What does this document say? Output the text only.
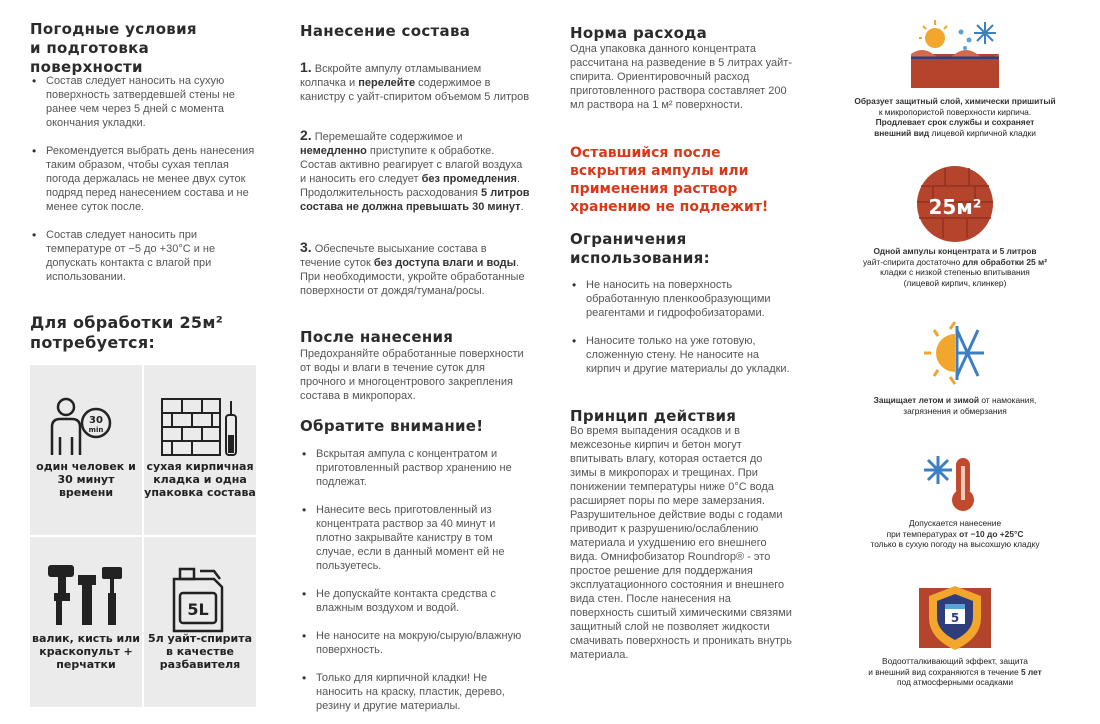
Погодные условия
и подготовка поверхности
• Состав следует наносить на сухую поверхность затвердевшей стены не ранее чем через 5 дней с момента окончания укладки.
• Рекомендуется выбрать день нанесения таким образом, чтобы сухая теплая погода держалась не менее двух суток подряд перед нанесением состава и не менее суток после.
• Состав следует наносить при температуре от −5 до +30°С и не допускать контакта с влагой при использовании.
Для обработки 25м²
потребуется:
30
min
один человек и 30 минут времени
сухая кирпичная кладка и одна упаковка состава
валик, кисть или краскопульт + перчатки
5L
5л уайт-спирита в качестве разбавителя
Нанесение состава

1. Вскройте ампулу отламыванием колпачка и перелейте содержимое в канистру с уайт-спиритом объемом 5 литров

2. Перемешайте содержимое и немедленно приступите к обработке. Состав активно реагирует с влагой воздуха и наносить его следует без промедления. Продолжительность расходования 5 литров состава не должна превышать 30 минут.

3. Обеспечьте высыхание состава в течение суток без доступа влаги и воды. При необходимости, укройте обработанные поверхности от дождя/тумана/росы.

После нанесения

Предохраняйте обработанные поверхности от воды и влаги в течение суток для прочного и многоцентрового закрепления состава в микропорах.

Обратите внимание!
• Вскрытая ампула с концентратом и приготовленный раствор хранению не подлежат.
• Нанесите весь приготовленный из концентрата раствор за 40 минут и плотно закрывайте канистру в том случае, если в данный момент ей не пользуетесь.
• Не допускайте контакта средства с влажным воздухом и водой.
• Не наносите на мокрую/сырую/влажную поверхность.
• Только для кирпичной кладки! Не наносить на краску, пластик, дерево, резину и другие материалы.
Норма расхода

Одна упаковка данного концентрата рассчитана на разведение в 5 литрах уайт-спирита. Ориентировочный расход приготовленного раствора составляет 200 мл раствора на 1 м² поверхности.

Оставшийся после вскрытия ампулы или применения раствор хранению не подлежит!
Ограничения
использования:
• Не наносить на поверхность обработанную пленкообразующими реагентами и гидрофобизаторами.
• Наносите только на уже готовую, сложенную стену. Не наносите на кирпич и другие материалы до укладки.
Принцип действия

Во время выпадения осадков и в межсезонье кирпич и бетон могут впитывать влагу, которая остается до зимы в микропорах и трещинах. При понижении температуры ниже 0°С вода расширяет поры по мере замерзания. Разрушительное действие воды с годами приводит к разрушению/ослаблению материала и ухудшению его внешнего вида. Омнифобизатор Roundrop® - это простое решение для поддержания эксплуатационного состояния и внешнего вида стен. После нанесения на поверхность сшитый химическими связями защитный слой не позволяет жидкости смачивать поверхность и проникать внутрь материала.

Образует защитный слой, химически пришитый
к микропористой поверхности кирпича.
Продлевает срок службы и сохраняет
внешний вид лицевой кирпичной кладки
25м²
Одной ампулы концентрата и 5 литров
уайт-спирита достаточно для обработки 25 м²
кладки с низкой степенью впитывания
(лицевой кирпич, клинкер)
Защищает летом и зимой от намокания,
загрязнения и обмерзания
Допускается нанесение
при температурах от −10 до +25°С
только в сухую погоду на высохшую кладку
5
Водоотталкивающий эффект, защита
и внешний вид сохраняются в течение 5 лет
под атмосферными осадками
